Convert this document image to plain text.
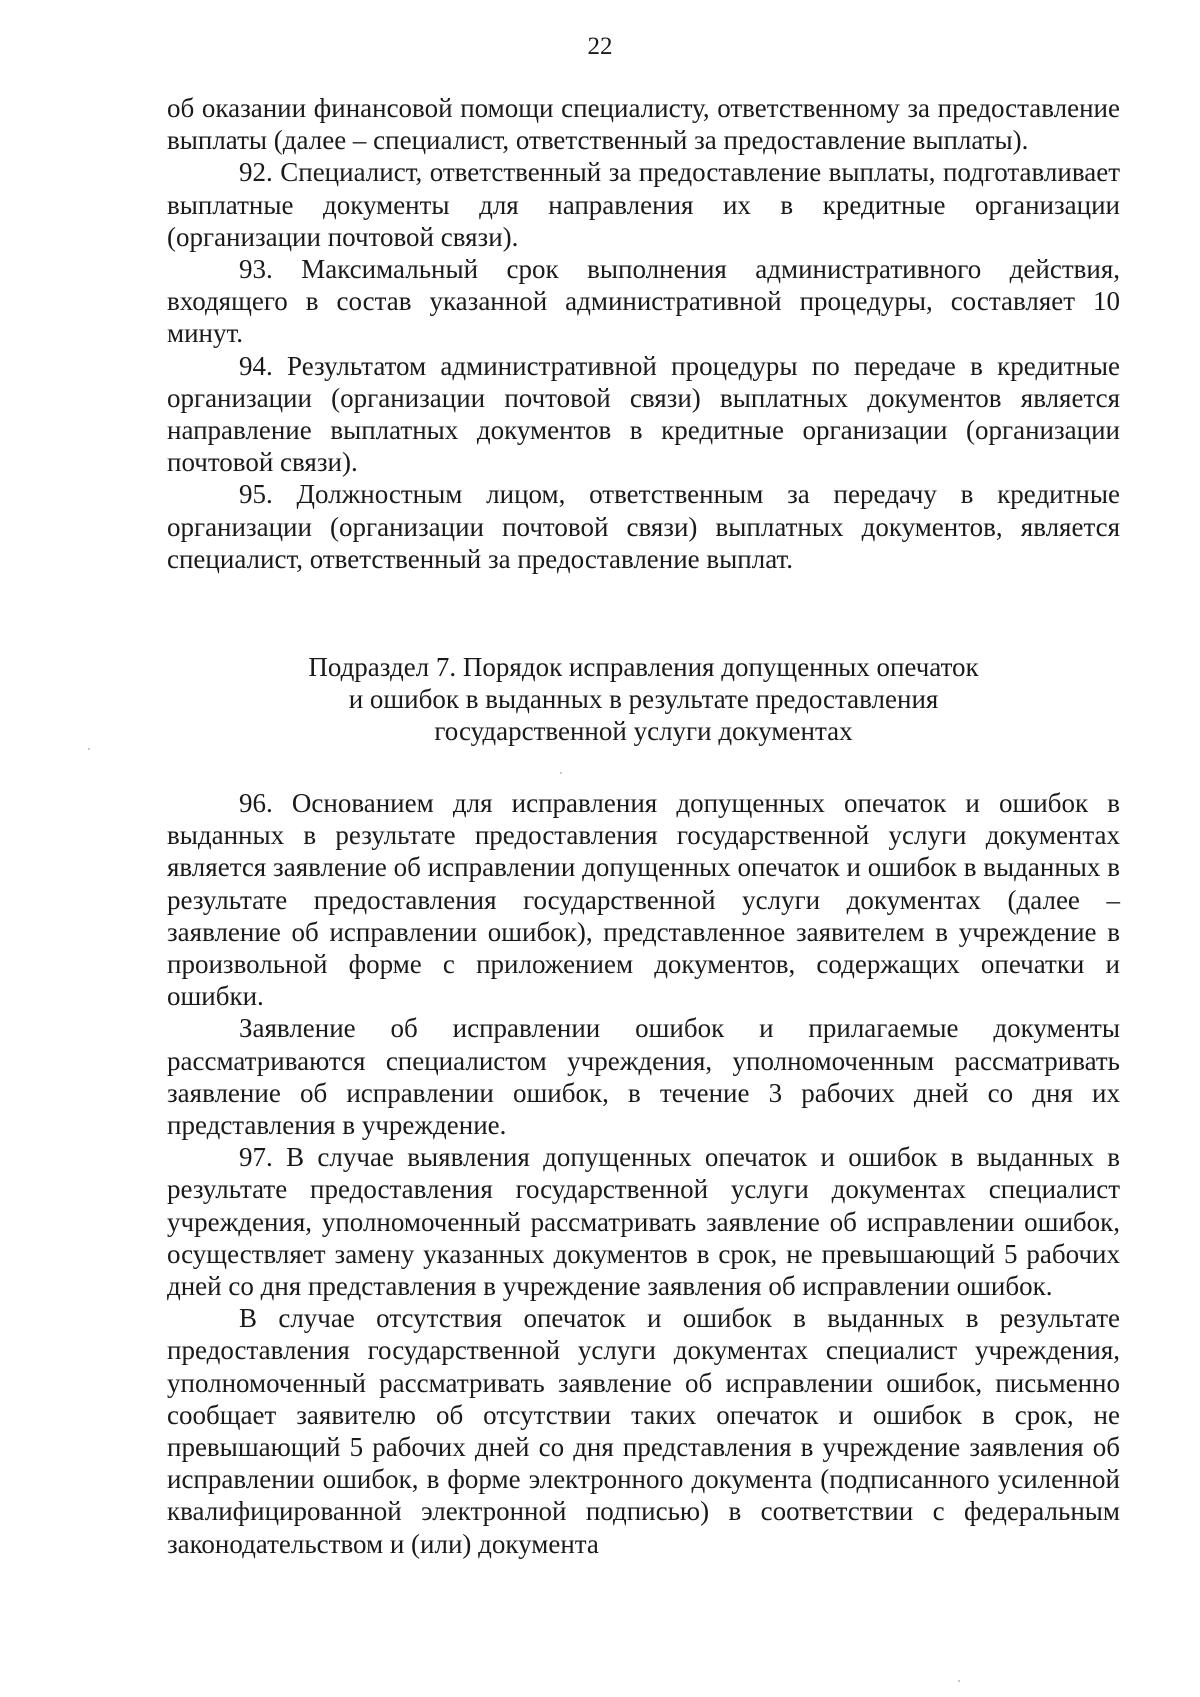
22

об оказании финансовой помощи специалисту, ответственному за предоставление выплаты (далее – специалист, ответственный за предоставление выплаты).

92. Специалист, ответственный за предоставление выплаты, подготавливает выплатные документы для направления их в кредитные организации (организации почтовой связи).

93. Максимальный срок выполнения административного действия, входящего в состав указанной административной процедуры, составляет 10 минут.

94. Результатом административной процедуры по передаче в кредитные организации (организации почтовой связи) выплатных документов является направление выплатных документов в кредитные организации (организации почтовой связи).

95. Должностным лицом, ответственным за передачу в кредитные организации (организации почтовой связи) выплатных документов, является специалист, ответственный за предоставление выплат.

Подраздел 7. Порядок исправления допущенных опечаток
и ошибок в выданных в результате предоставления
государственной услуги документах

96. Основанием для исправления допущенных опечаток и ошибок в выданных в результате предоставления государственной услуги документах является заявление об исправлении допущенных опечаток и ошибок в выданных в результате предоставления государственной услуги документах (далее – заявление об исправлении ошибок), представленное заявителем в учреждение в произвольной форме с приложением документов, содержащих опечатки и ошибки.

Заявление об исправлении ошибок и прилагаемые документы рассматриваются специалистом учреждения, уполномоченным рассматривать заявление об исправлении ошибок, в течение 3 рабочих дней со дня их представления в учреждение.

97. В случае выявления допущенных опечаток и ошибок в выданных в результате предоставления государственной услуги документах специалист учреждения, уполномоченный рассматривать заявление об исправлении ошибок, осуществляет замену указанных документов в срок, не превышающий 5 рабочих дней со дня представления в учреждение заявления об исправлении ошибок.

В случае отсутствия опечаток и ошибок в выданных в результате предоставления государственной услуги документах специалист учреждения, уполномоченный рассматривать заявление об исправлении ошибок, письменно сообщает заявителю об отсутствии таких опечаток и ошибок в срок, не превышающий 5 рабочих дней со дня представления в учреждение заявления об исправлении ошибок, в форме электронного документа (подписанного усиленной квалифицированной электронной подписью) в соответствии с федеральным законодательством и (или) документа
